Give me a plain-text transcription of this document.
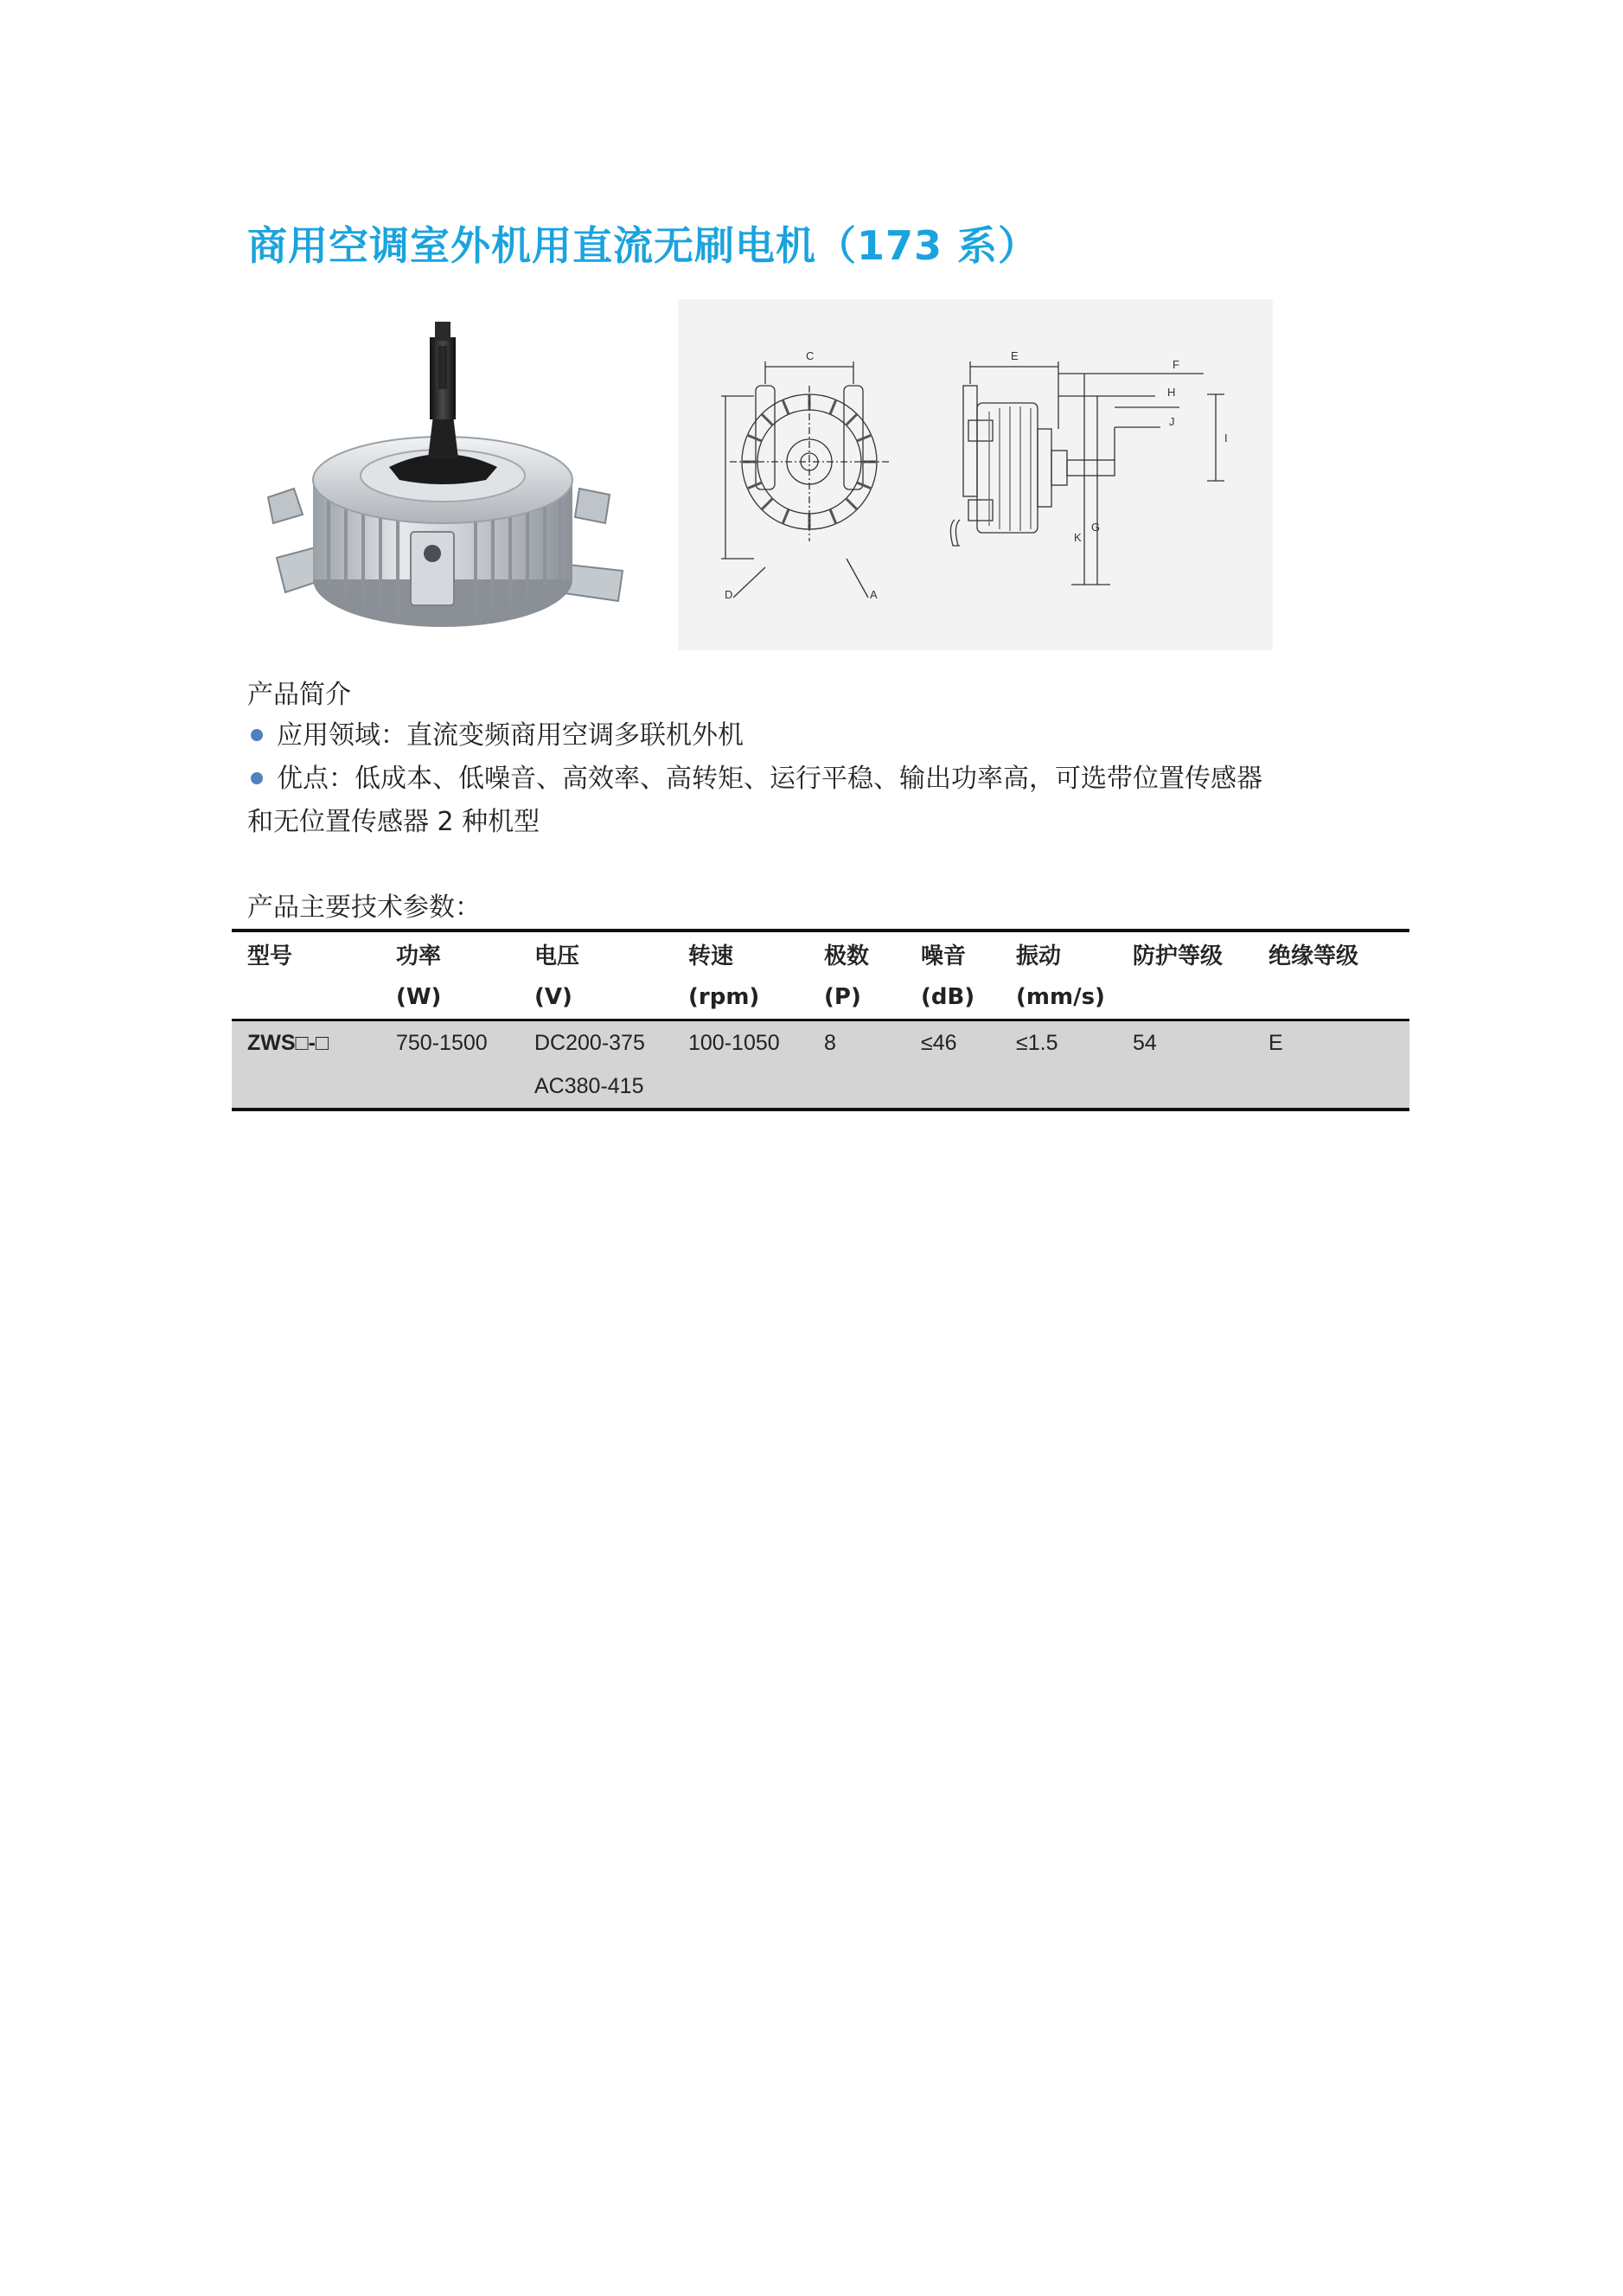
商用空调室外机用直流无刷电机（173 系）
C	E
F
H
J
I
D	A
K
G
产品简介
应用领域：直流变频商用空调多联机外机
优点：低成本、低噪音、高效率、高转矩、运行平稳、输出功率高，可选带位置传感器
和无位置传感器 2 种机型
产品主要技术参数：
型号	功率	电压	转速	极数	噪音	振动	防护等级	绝缘等级
	(W)	(V)	(rpm)	(P)	(dB)	(mm/s)		
ZWS□-□	750-1500	DC200-375	100-1050	8	≤46	≤1.5	54	E
		AC380-415						
